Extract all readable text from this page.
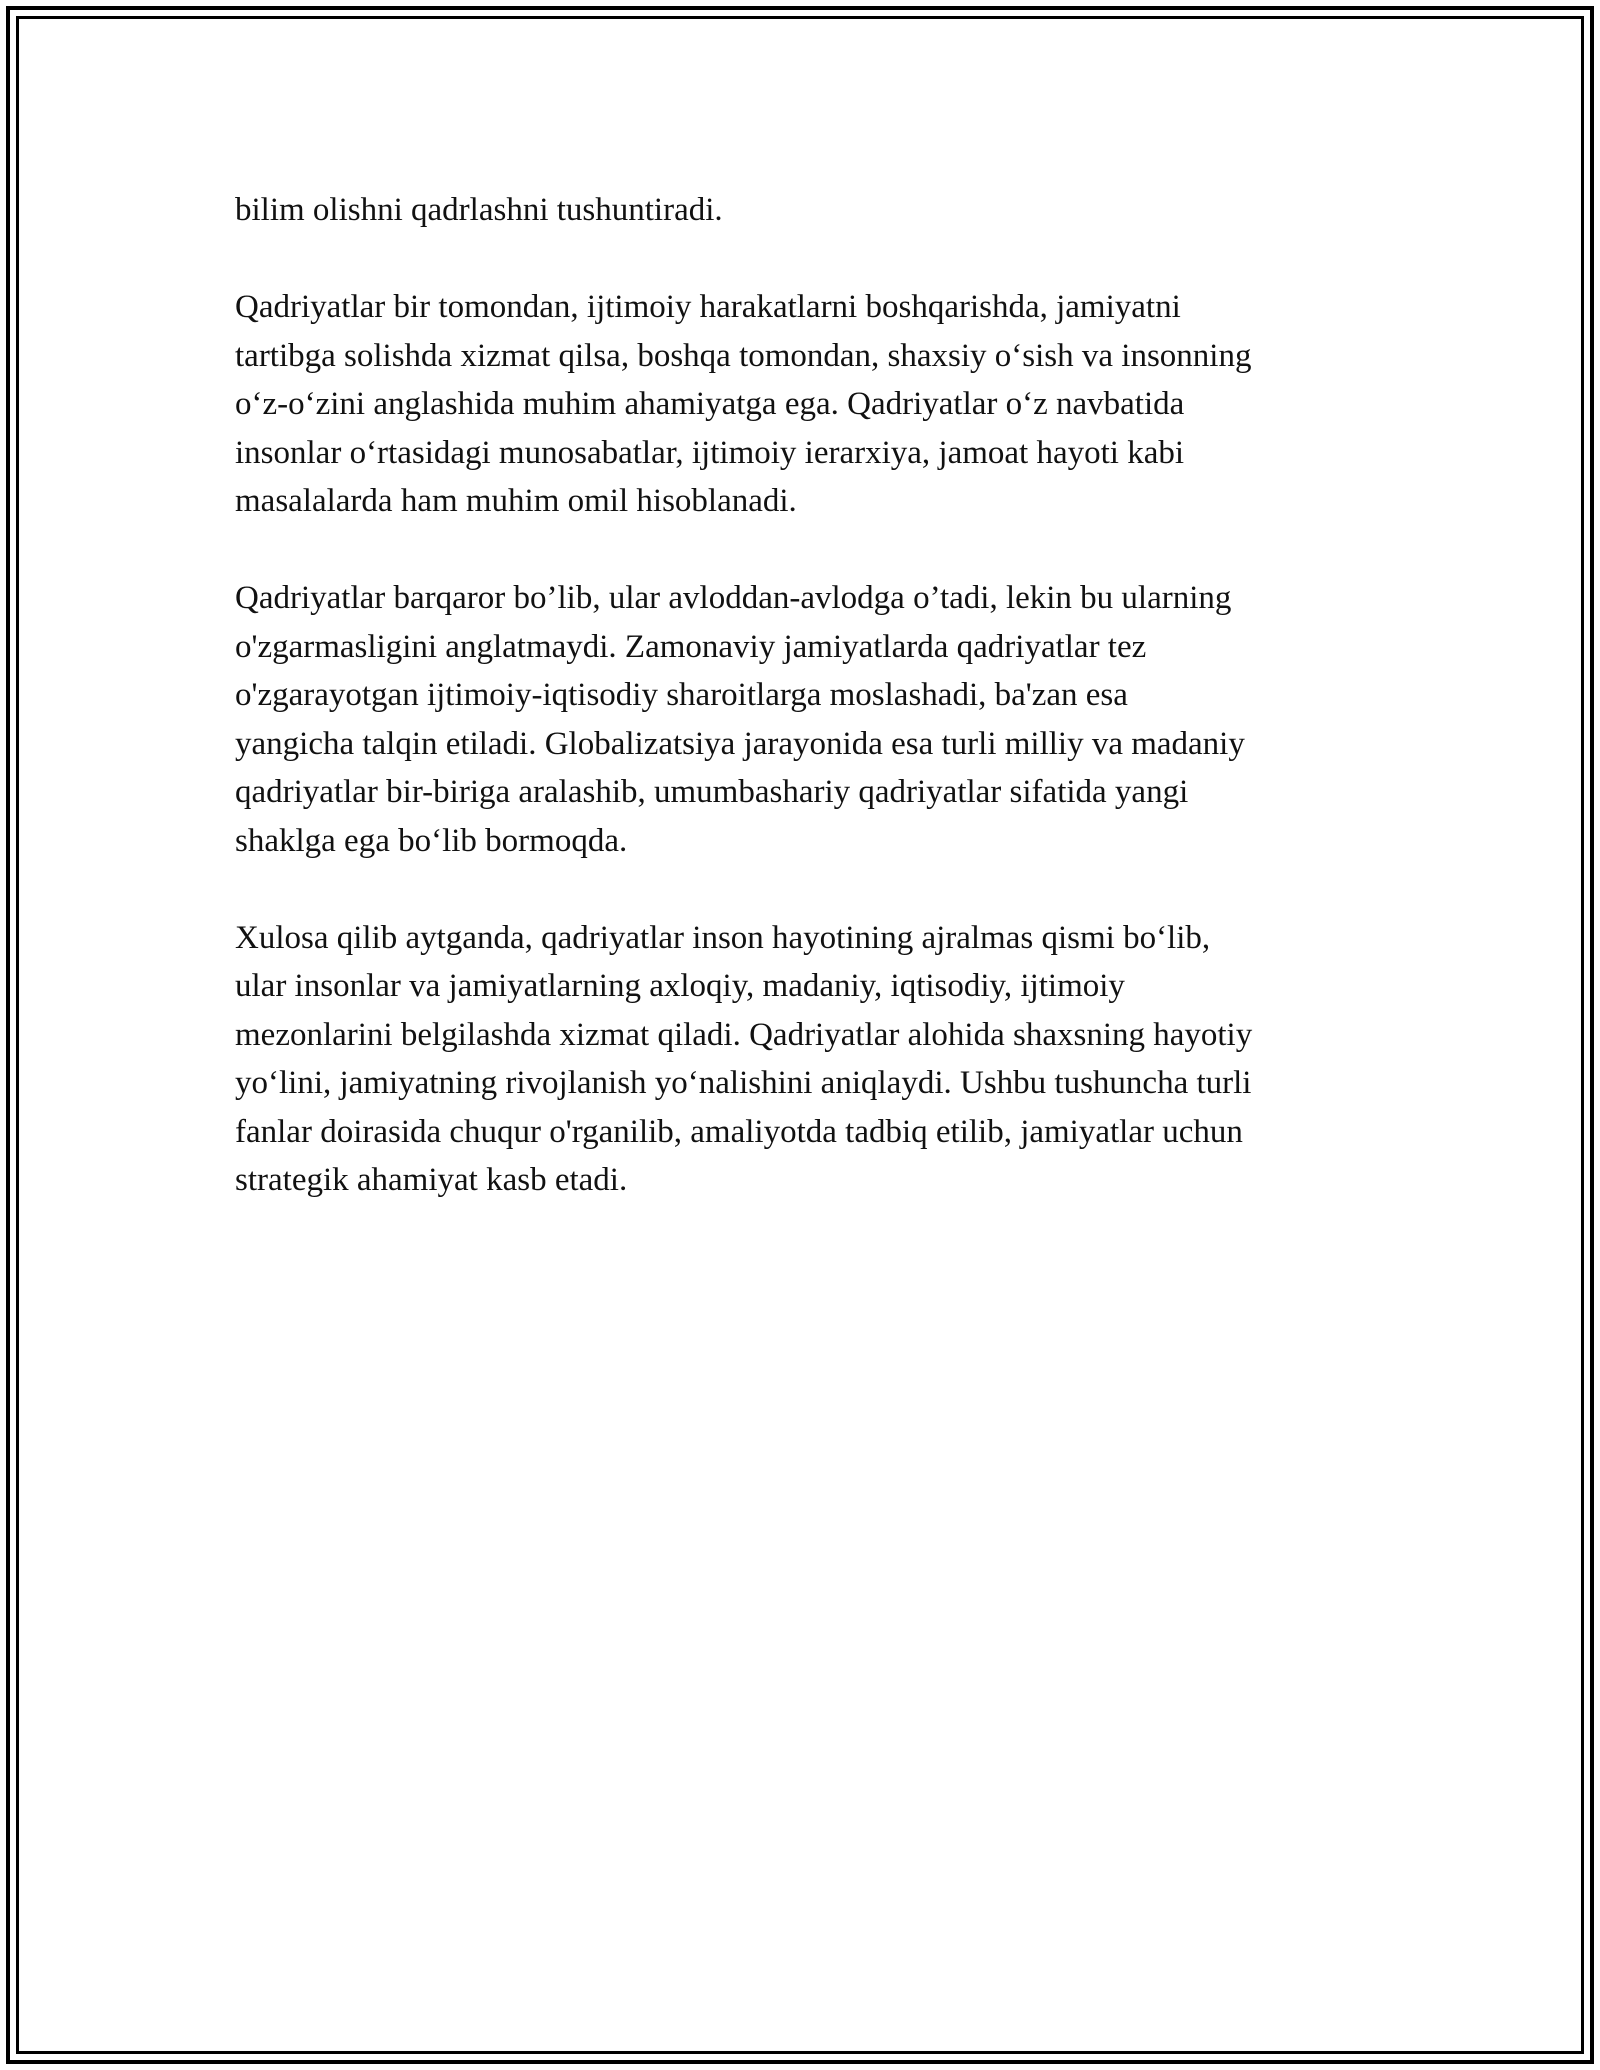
bilim olishni qadrlashni tushuntiradi.

Qadriyatlar bir tomondan, ijtimoiy harakatlarni boshqarishda, jamiyatni
tartibga solishda xizmat qilsa, boshqa tomondan, shaxsiy o‘sish va insonning
o‘z-o‘zini anglashida muhim ahamiyatga ega. Qadriyatlar o‘z navbatida
insonlar o‘rtasidagi munosabatlar, ijtimoiy ierarxiya, jamoat hayoti kabi
masalalarda ham muhim omil hisoblanadi.

Qadriyatlar barqaror bo’lib, ular avloddan-avlodga o’tadi, lekin bu ularning
o'zgarmasligini anglatmaydi. Zamonaviy jamiyatlarda qadriyatlar tez
o'zgarayotgan ijtimoiy-iqtisodiy sharoitlarga moslashadi, ba'zan esa
yangicha talqin etiladi. Globalizatsiya jarayonida esa turli milliy va madaniy
qadriyatlar bir-biriga aralashib, umumbashariy qadriyatlar sifatida yangi
shaklga ega bo‘lib bormoqda.

Xulosa qilib aytganda, qadriyatlar inson hayotining ajralmas qismi bo‘lib,
ular insonlar va jamiyatlarning axloqiy, madaniy, iqtisodiy, ijtimoiy
mezonlarini belgilashda xizmat qiladi. Qadriyatlar alohida shaxsning hayotiy
yo‘lini, jamiyatning rivojlanish yo‘nalishini aniqlaydi. Ushbu tushuncha turli
fanlar doirasida chuqur o'rganilib, amaliyotda tadbiq etilib, jamiyatlar uchun
strategik ahamiyat kasb etadi.
